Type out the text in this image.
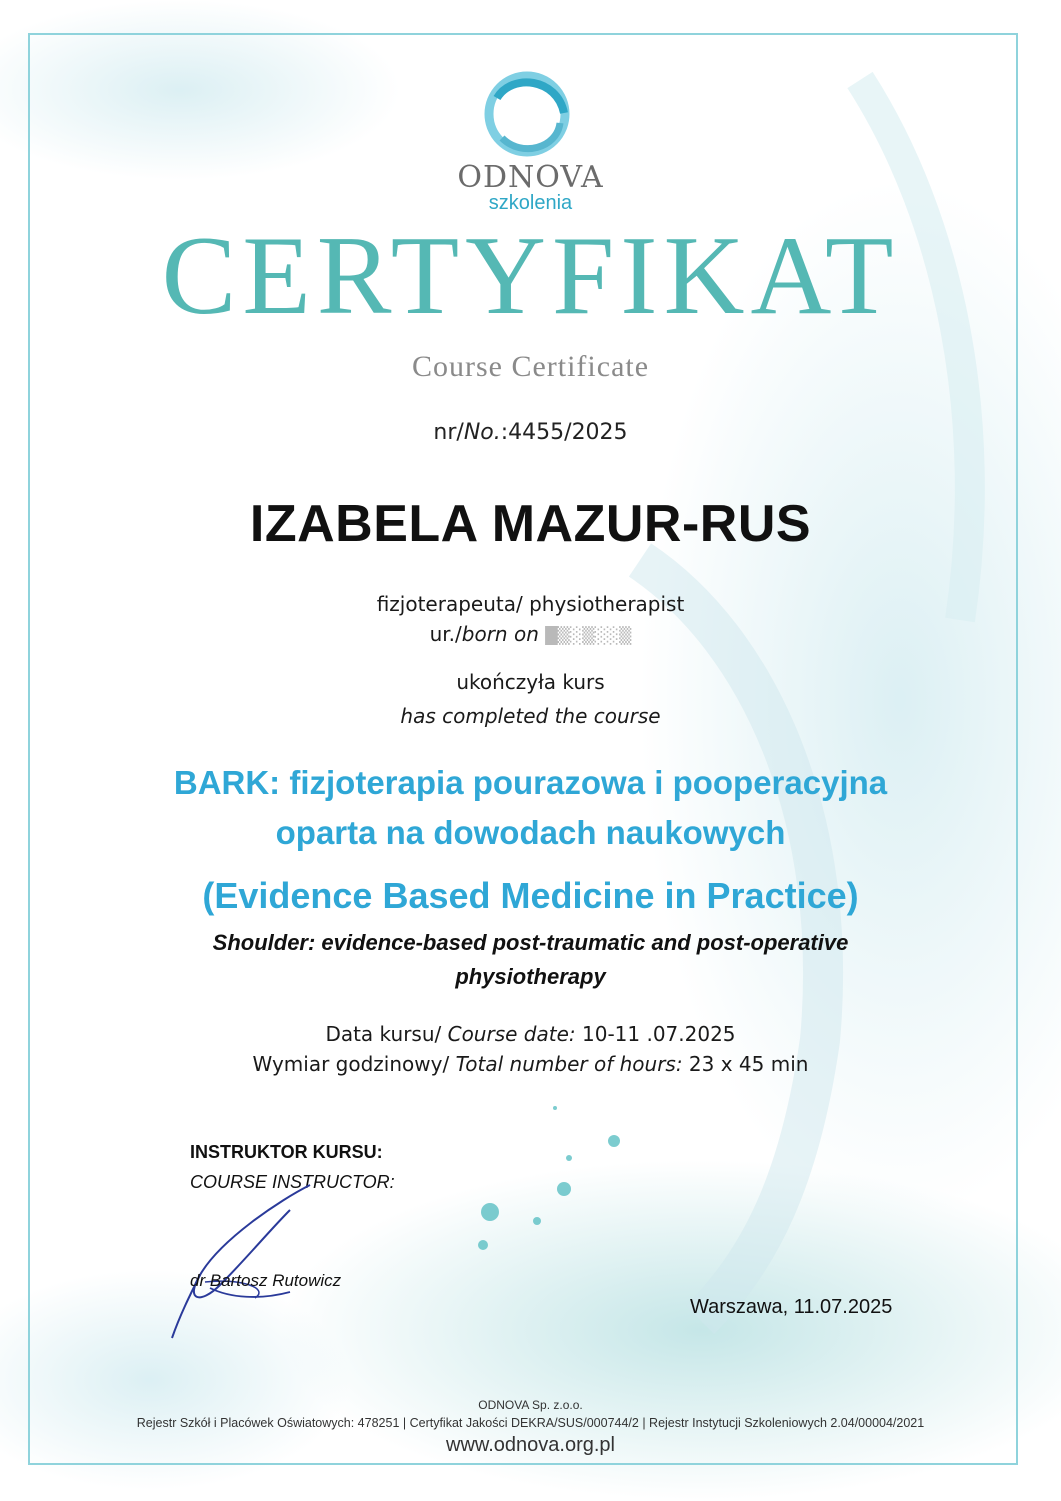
ODNOVA
szkolenia
CERTYFIKAT
Course Certificate
nr/No.:4455/2025
IZABELA MAZUR-RUS
fizjoterapeuta/ physiotherapist
ur./born on █▒░▒░░▒
ukończyła kurs
has completed the course
BARK: fizjoterapia pourazowa i pooperacyjna
oparta na dowodach naukowych
(Evidence Based Medicine in Practice)
Shoulder: evidence-based post-traumatic and post-operative
physiotherapy
Data kursu/ Course date: 10-11 .07.2025
Wymiar godzinowy/ Total number of hours: 23 x 45 min
INSTRUKTOR KURSU:
COURSE INSTRUCTOR:
dr Bartosz Rutowicz
Warszawa, 11.07.2025
ODNOVA Sp. z.o.o.
Rejestr Szkół i Placówek Oświatowych: 478251 | Certyfikat Jakości DEKRA/SUS/000744/2 | Rejestr Instytucji Szkoleniowych 2.04/00004/2021
www.odnova.org.pl
